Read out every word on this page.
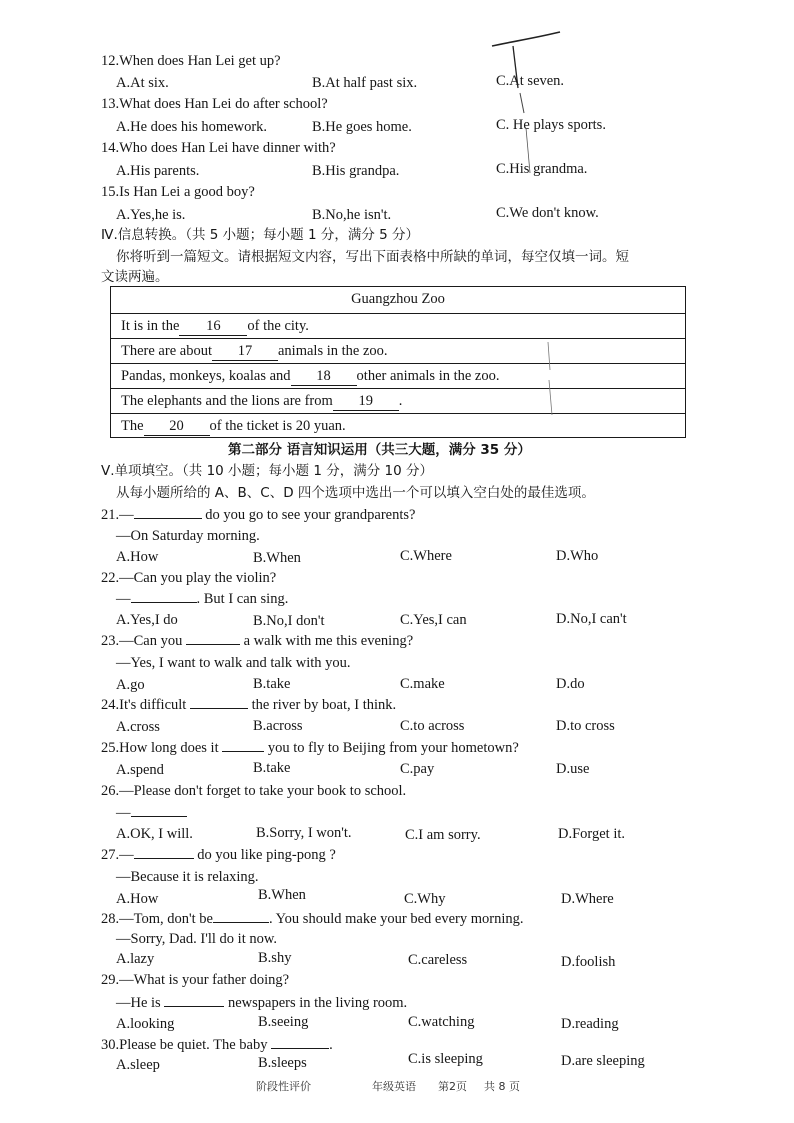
12.When does Han Lei get up?
A.At six.	B.At half past six.	C.At seven.
13.What does Han Lei do after school?
A.He does his homework.	B.He goes home.	C. He plays sports.
14.Who does Han Lei have dinner with?
A.His parents.	B.His grandpa.	C.His grandma.
15.Is Han Lei a good boy?
A.Yes,he is.	B.No,he isn't.	C.We don't know.
Ⅳ.信息转换。（共 5 小题；每小题 1 分，满分 5 分）
你将听到一篇短文。请根据短文内容，写出下面表格中所缺的单词，每空仅填一词。短
文读两遍。
Guangzhou Zoo
It is in the 16 of the city.
There are about 17 animals in the zoo.
Pandas, monkeys, koalas and 18 other animals in the zoo.
The elephants and the lions are from 19 .
The 20 of the ticket is 20 yuan.
第二部分 语言知识运用（共三大题，满分 35 分）
Ⅴ.单项填空。（共 10 小题；每小题 1 分，满分 10 分）
从每小题所给的 A、B、C、D 四个选项中选出一个可以填入空白处的最佳选项。
21.—	do you go to see your grandparents?
—On Saturday morning.
A.How	B.When	C.Where	D.Who
22.—Can you play the violin?
—	. But I can sing.
A.Yes,I do	B.No,I don't	C.Yes,I can	D.No,I can't
23.—Can you	a walk with me this evening?
—Yes, I want to walk and talk with you.
A.go	B.take	C.make	D.do
24.It's difficult	the river by boat, I think.
A.cross	B.across	C.to across	D.to cross
25.How long does it	you to fly to Beijing from your hometown?
A.spend	B.take	C.pay	D.use
26.—Please don't forget to take your book to school.
—
A.OK, I will.	B.Sorry, I won't.	C.I am sorry.	D.Forget it.
27.—	do you like ping-pong ?
—Because it is relaxing.
A.How	B.When	C.Why	D.Where
28.—Tom, don't be	. You should make your bed every morning.
—Sorry, Dad. I'll do it now.
A.lazy	B.shy	C.careless	D.foolish
29.—What is your father doing?
—He is	newspapers in the living room.
A.looking	B.seeing	C.watching	D.reading
30.Please be quiet. The baby	.
A.sleep	B.sleeps	C.is sleeping	D.are sleeping
阶段性评价	年级英语 第2页 共 8 页
